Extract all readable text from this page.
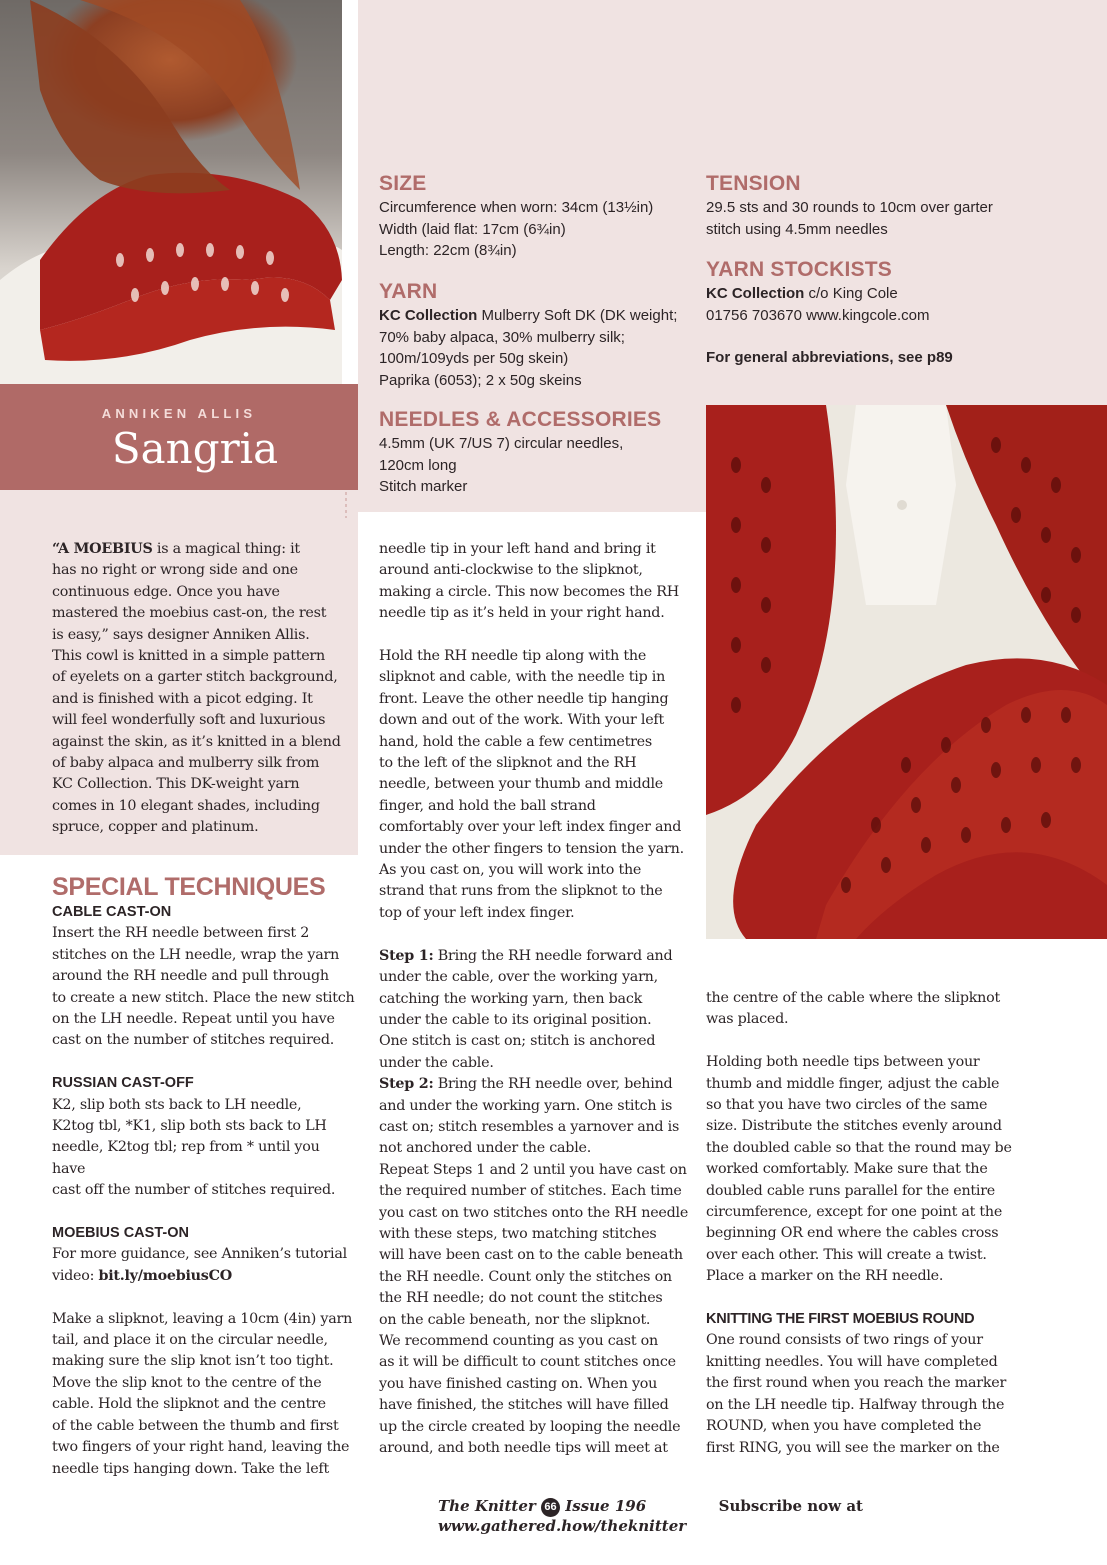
ANNIKEN ALLIS
Sangria
SIZE
Circumference when worn: 34cm (13½in)
Width (laid flat: 17cm (6¾in)
Length: 22cm (8¾in)
YARN
KC Collection Mulberry Soft DK (DK weight;
70% baby alpaca, 30% mulberry silk;
100m/109yds per 50g skein)
Paprika (6053); 2 x 50g skeins
NEEDLES & ACCESSORIES
4.5mm (UK 7/US 7) circular needles,
120cm long
Stitch marker
TENSION
29.5 sts and 30 rounds to 10cm over garter
stitch using 4.5mm needles
YARN STOCKISTS
KC Collection c/o King Cole
01756 703670 www.kingcole.com
For general abbreviations, see p89
“A MOEBIUS is a magical thing: it
has no right or wrong side and one
continuous edge. Once you have
mastered the moebius cast-on, the rest
is easy,” says designer Anniken Allis.
This cowl is knitted in a simple pattern
of eyelets on a garter stitch background,
and is finished with a picot edging. It
will feel wonderfully soft and luxurious
against the skin, as it’s knitted in a blend
of baby alpaca and mulberry silk from
KC Collection. This DK-weight yarn
comes in 10 elegant shades, including
spruce, copper and platinum.
SPECIAL TECHNIQUES
CABLE CAST-ON
Insert the RH needle between first 2
stitches on the LH needle, wrap the yarn
around the RH needle and pull through
to create a new stitch. Place the new stitch
on the LH needle. Repeat until you have
cast on the number of stitches required.
RUSSIAN CAST-OFF
K2, slip both sts back to LH needle,
K2tog tbl, *K1, slip both sts back to LH
needle, K2tog tbl; rep from * until you have
cast off the number of stitches required.
MOEBIUS CAST-ON
For more guidance, see Anniken’s tutorial
video: bit.ly/moebiusCO
Make a slipknot, leaving a 10cm (4in) yarn
tail, and place it on the circular needle,
making sure the slip knot isn’t too tight.
Move the slip knot to the centre of the
cable. Hold the slipknot and the centre
of the cable between the thumb and first
two fingers of your right hand, leaving the
needle tips hanging down. Take the left
needle tip in your left hand and bring it
around anti-clockwise to the slipknot,
making a circle. This now becomes the RH
needle tip as it’s held in your right hand.
Hold the RH needle tip along with the
slipknot and cable, with the needle tip in
front. Leave the other needle tip hanging
down and out of the work. With your left
hand, hold the cable a few centimetres
to the left of the slipknot and the RH
needle, between your thumb and middle
finger, and hold the ball strand
comfortably over your left index finger and
under the other fingers to tension the yarn.
As you cast on, you will work into the
strand that runs from the slipknot to the
top of your left index finger.
Step 1: Bring the RH needle forward and
under the cable, over the working yarn,
catching the working yarn, then back
under the cable to its original position.
One stitch is cast on; stitch is anchored
under the cable.
Step 2: Bring the RH needle over, behind
and under the working yarn. One stitch is
cast on; stitch resembles a yarnover and is
not anchored under the cable.
Repeat Steps 1 and 2 until you have cast on
the required number of stitches. Each time
you cast on two stitches onto the RH needle
with these steps, two matching stitches
will have been cast on to the cable beneath
the RH needle. Count only the stitches on
the RH needle; do not count the stitches
on the cable beneath, nor the slipknot.
We recommend counting as you cast on
as it will be difficult to count stitches once
you have finished casting on. When you
have finished, the stitches will have filled
up the circle created by looping the needle
around, and both needle tips will meet at
the centre of the cable where the slipknot
was placed.
Holding both needle tips between your
thumb and middle finger, adjust the cable
so that you have two circles of the same
size. Distribute the stitches evenly around
the doubled cable so that the round may be
worked comfortably. Make sure that the
doubled cable runs parallel for the entire
circumference, except for one point at the
beginning OR end where the cables cross
over each other. This will create a twist.
Place a marker on the RH needle.
KNITTING THE FIRST MOEBIUS ROUND
One round consists of two rings of your
knitting needles. You will have completed
the first round when you reach the marker
on the LH needle tip. Halfway through the
ROUND, when you have completed the
first RING, you will see the marker on the
The Knitter 66 Issue 196	Subscribe now at www.gathered.how/theknitter
